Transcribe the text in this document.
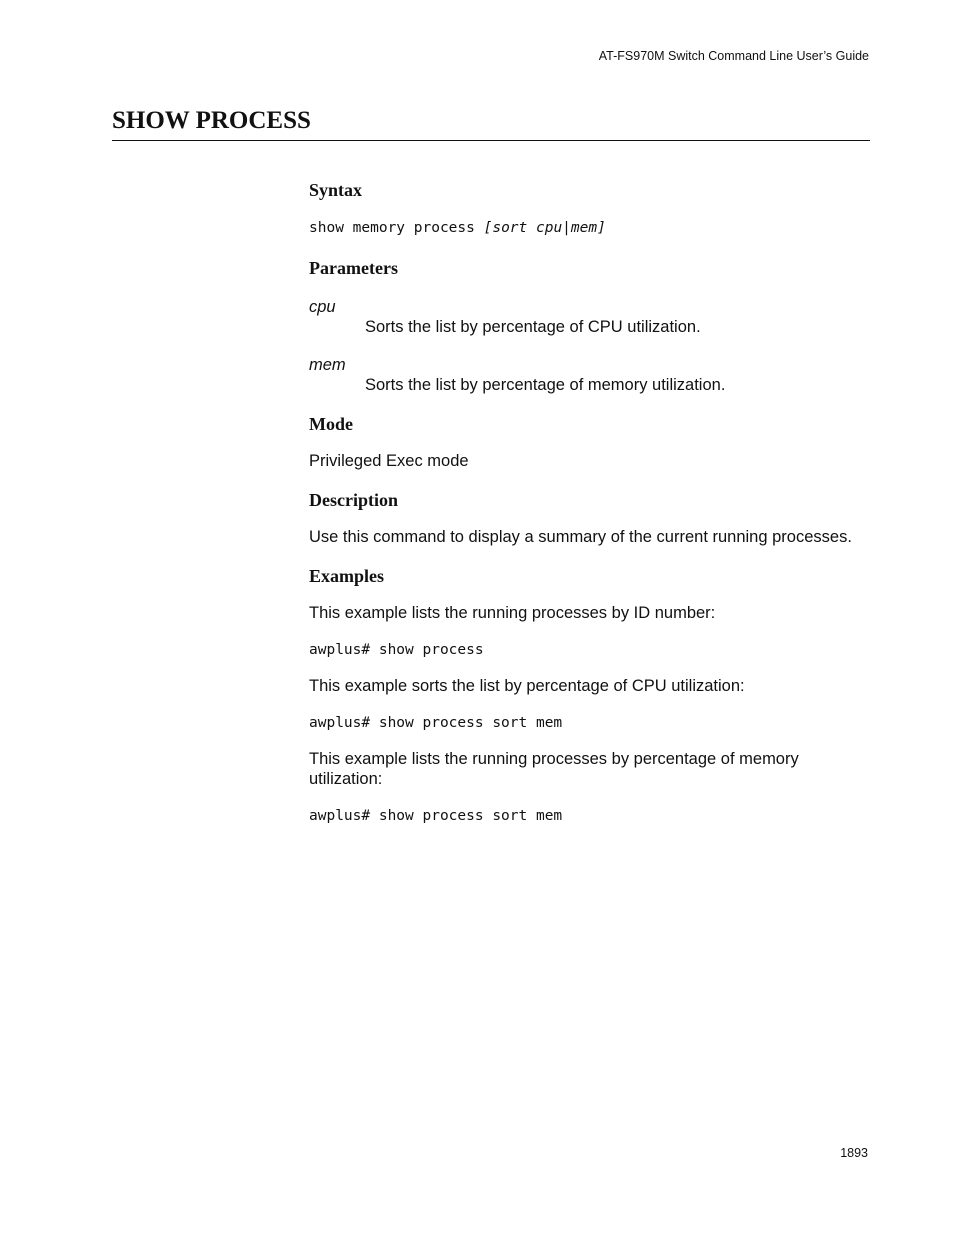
AT-FS970M Switch Command Line User’s Guide
SHOW PROCESS
Syntax
show memory process [sort cpu|mem]
Parameters
cpu
Sorts the list by percentage of CPU utilization.
mem
Sorts the list by percentage of memory utilization.
Mode

Privileged Exec mode

Description

Use this command to display a summary of the current running processes.

Examples

This example lists the running processes by ID number:

awplus# show process

This example sorts the list by percentage of CPU utilization:

awplus# show process sort mem

This example lists the running processes by percentage of memory utilization:

awplus# show process sort mem
1893
